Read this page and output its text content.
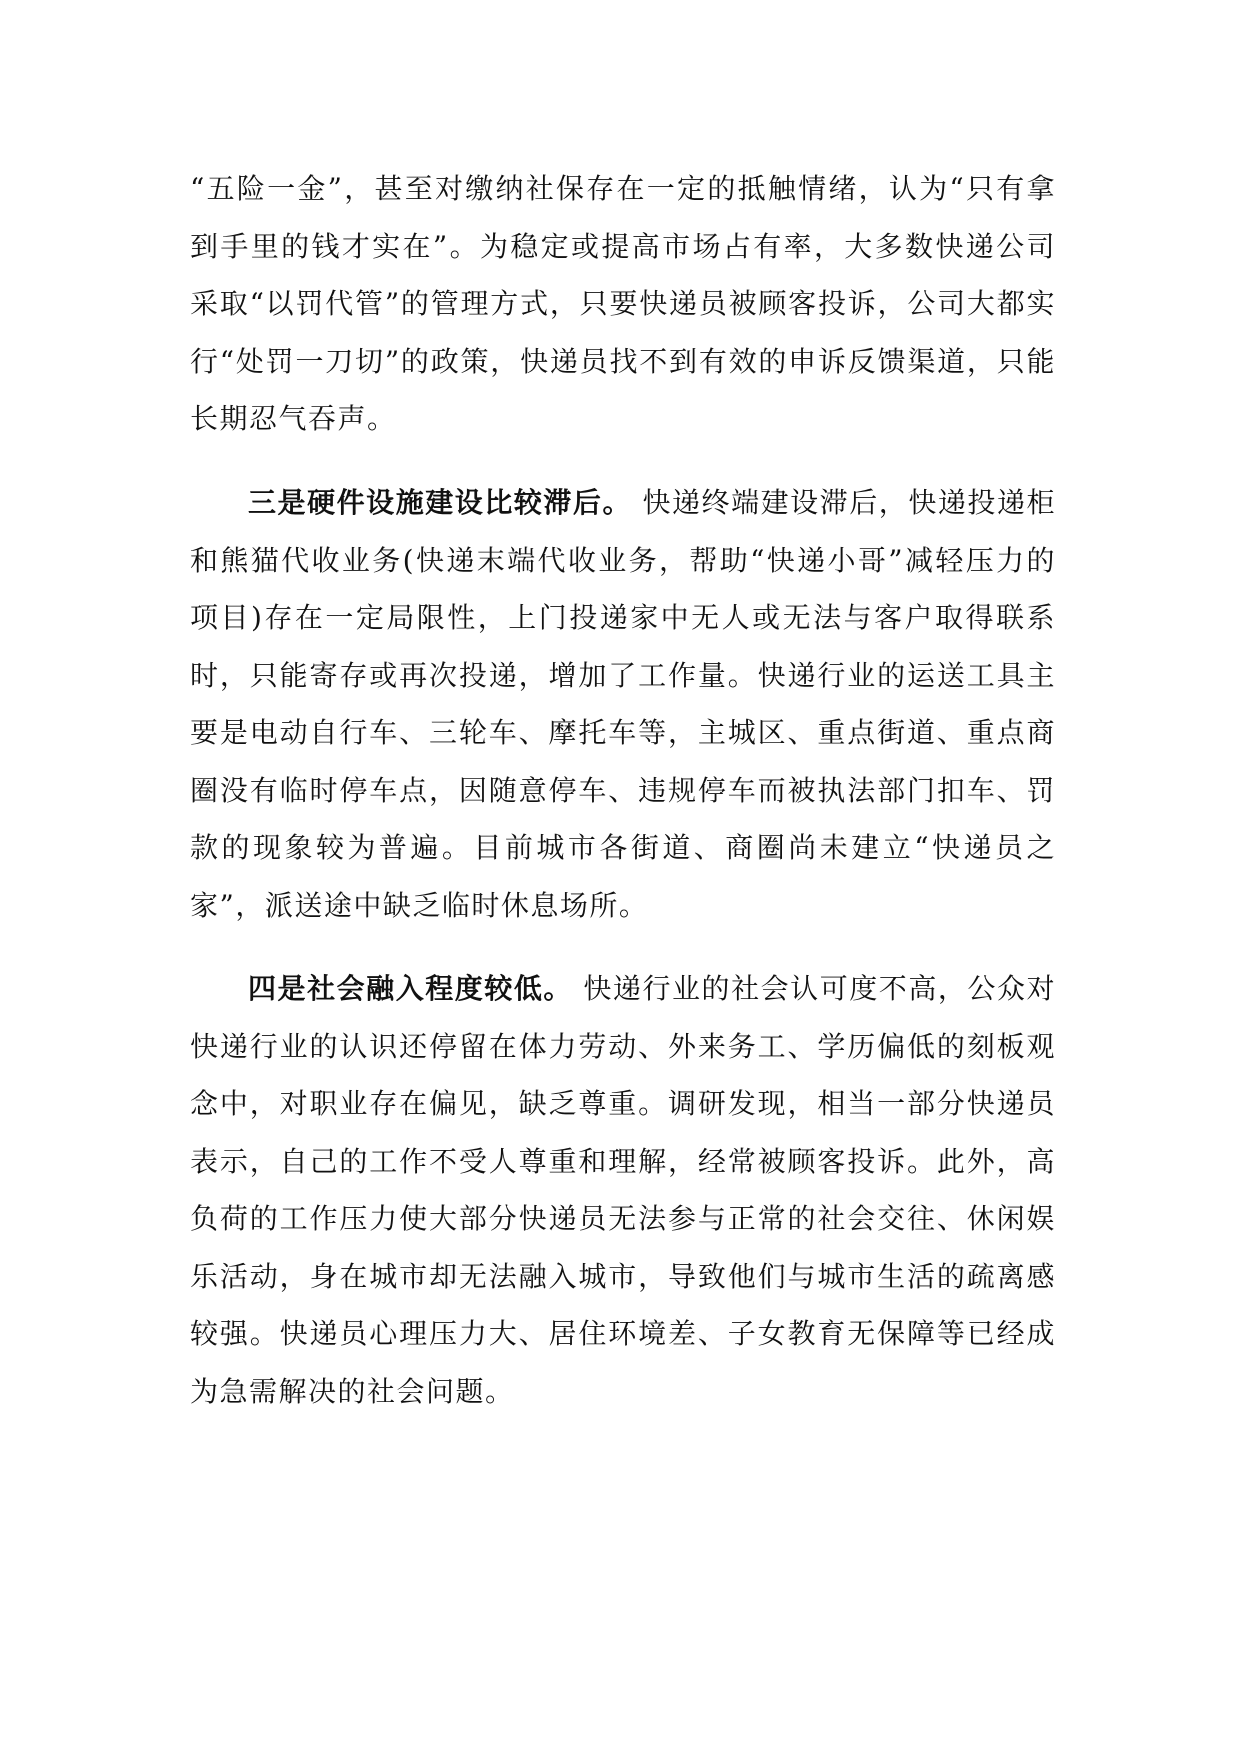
“五险一金”，甚至对缴纳社保存在一定的抵触情绪，认为“只有拿到手里的钱才实在”。为稳定或提高市场占有率，大多数快递公司采取“以罚代管”的管理方式，只要快递员被顾客投诉，公司大都实行“处罚一刀切”的政策，快递员找不到有效的申诉反馈渠道，只能长期忍气吞声。

三是硬件设施建设比较滞后。 快递终端建设滞后，快递投递柜和熊猫代收业务(快递末端代收业务，帮助“快递小哥”减轻压力的项目)存在一定局限性，上门投递家中无人或无法与客户取得联系时，只能寄存或再次投递，增加了工作量。快递行业的运送工具主要是电动自行车、三轮车、摩托车等，主城区、重点街道、重点商圈没有临时停车点，因随意停车、违规停车而被执法部门扣车、罚款的现象较为普遍。目前城市各街道、商圈尚未建立“快递员之家”，派送途中缺乏临时休息场所。

四是社会融入程度较低。 快递行业的社会认可度不高，公众对快递行业的认识还停留在体力劳动、外来务工、学历偏低的刻板观念中，对职业存在偏见，缺乏尊重。调研发现，相当一部分快递员表示，自己的工作不受人尊重和理解，经常被顾客投诉。此外，高负荷的工作压力使大部分快递员无法参与正常的社会交往、休闲娱乐活动，身在城市却无法融入城市，导致他们与城市生活的疏离感较强。快递员心理压力大、居住环境差、子女教育无保障等已经成为急需解决的社会问题。
